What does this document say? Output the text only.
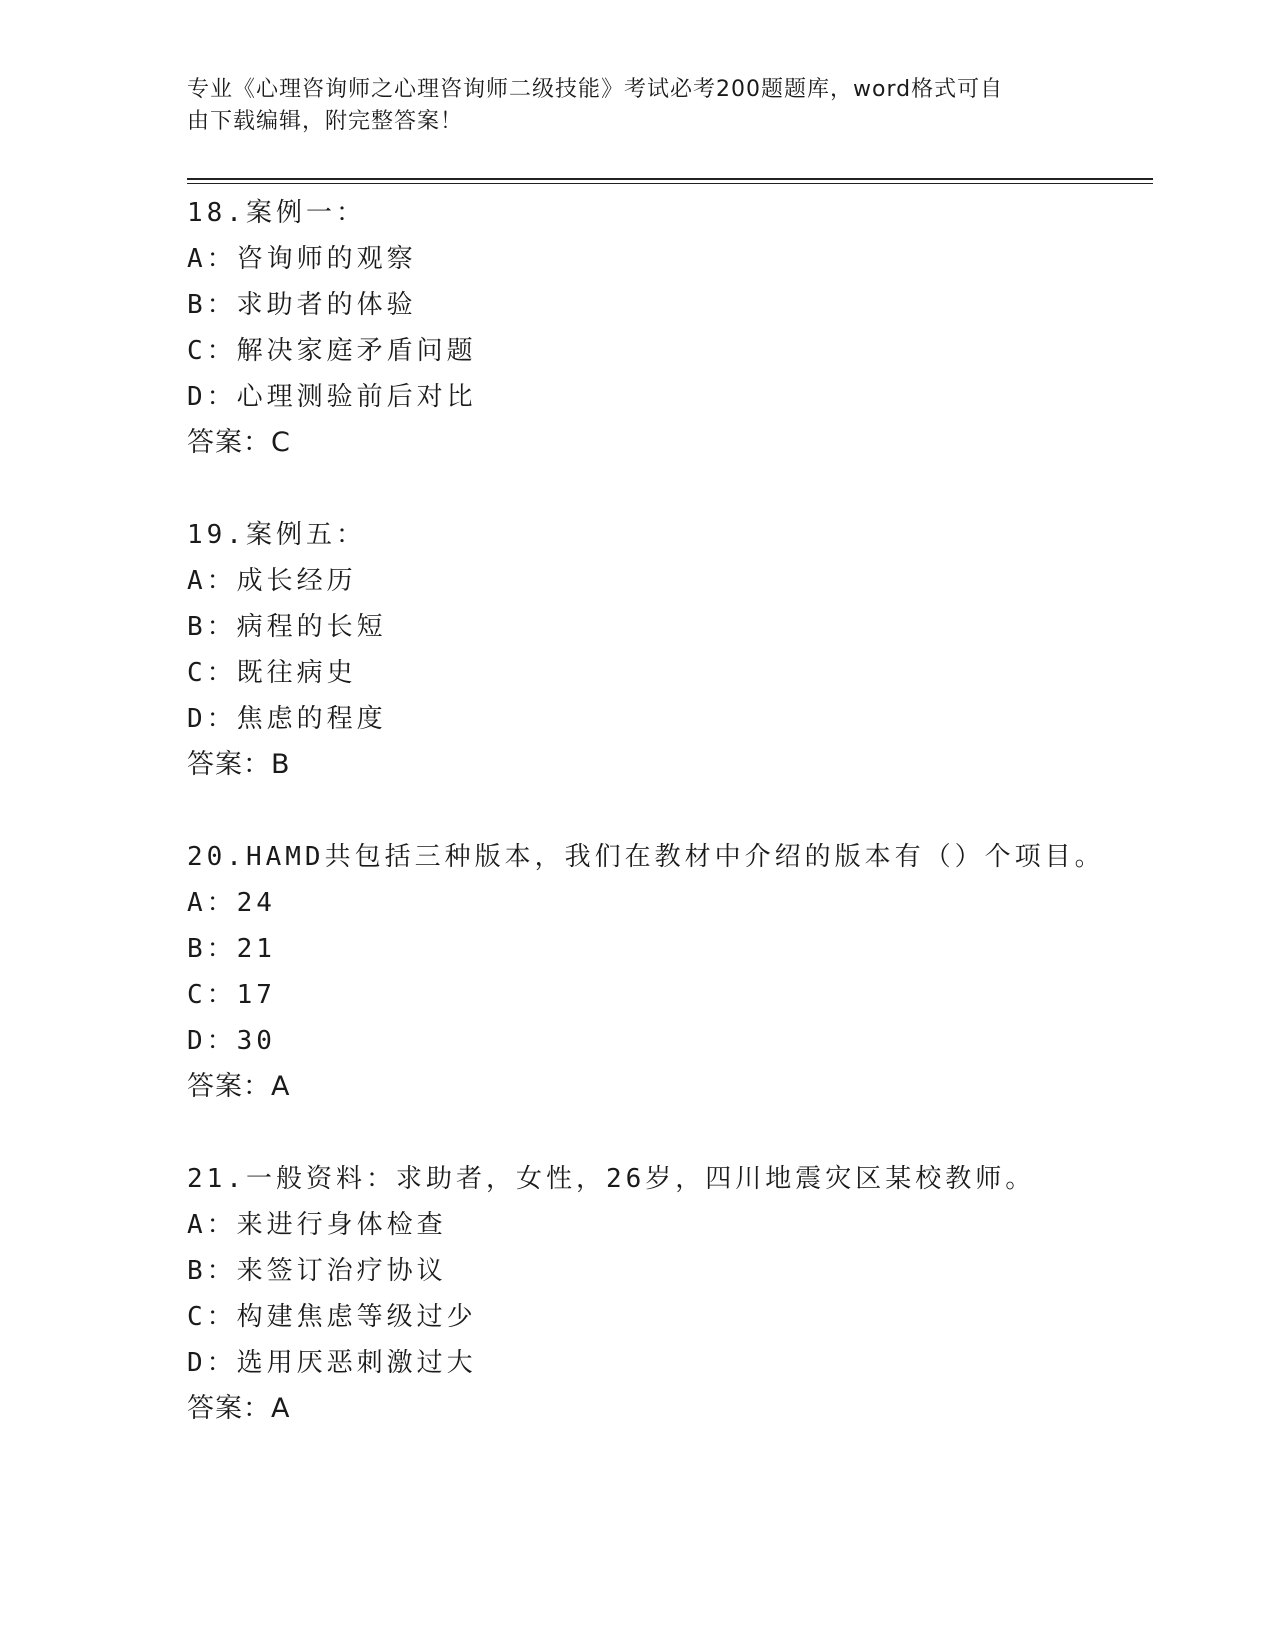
专业《心理咨询师之心理咨询师二级技能》考试必考200题题库，word格式可自
由下载编辑，附完整答案！
18.案例一：
A：咨询师的观察
B：求助者的体验
C：解决家庭矛盾问题
D：心理测验前后对比
答案：C
19.案例五：
A：成长经历
B：病程的长短
C：既往病史
D：焦虑的程度
答案：B
20.HAMD共包括三种版本，我们在教材中介绍的版本有（）个项目。
A：24
B：21
C：17
D：30
答案：A
21.一般资料：求助者，女性，26岁，四川地震灾区某校教师。
A：来进行身体检查
B：来签订治疗协议
C：构建焦虑等级过少
D：选用厌恶刺激过大
答案：A
